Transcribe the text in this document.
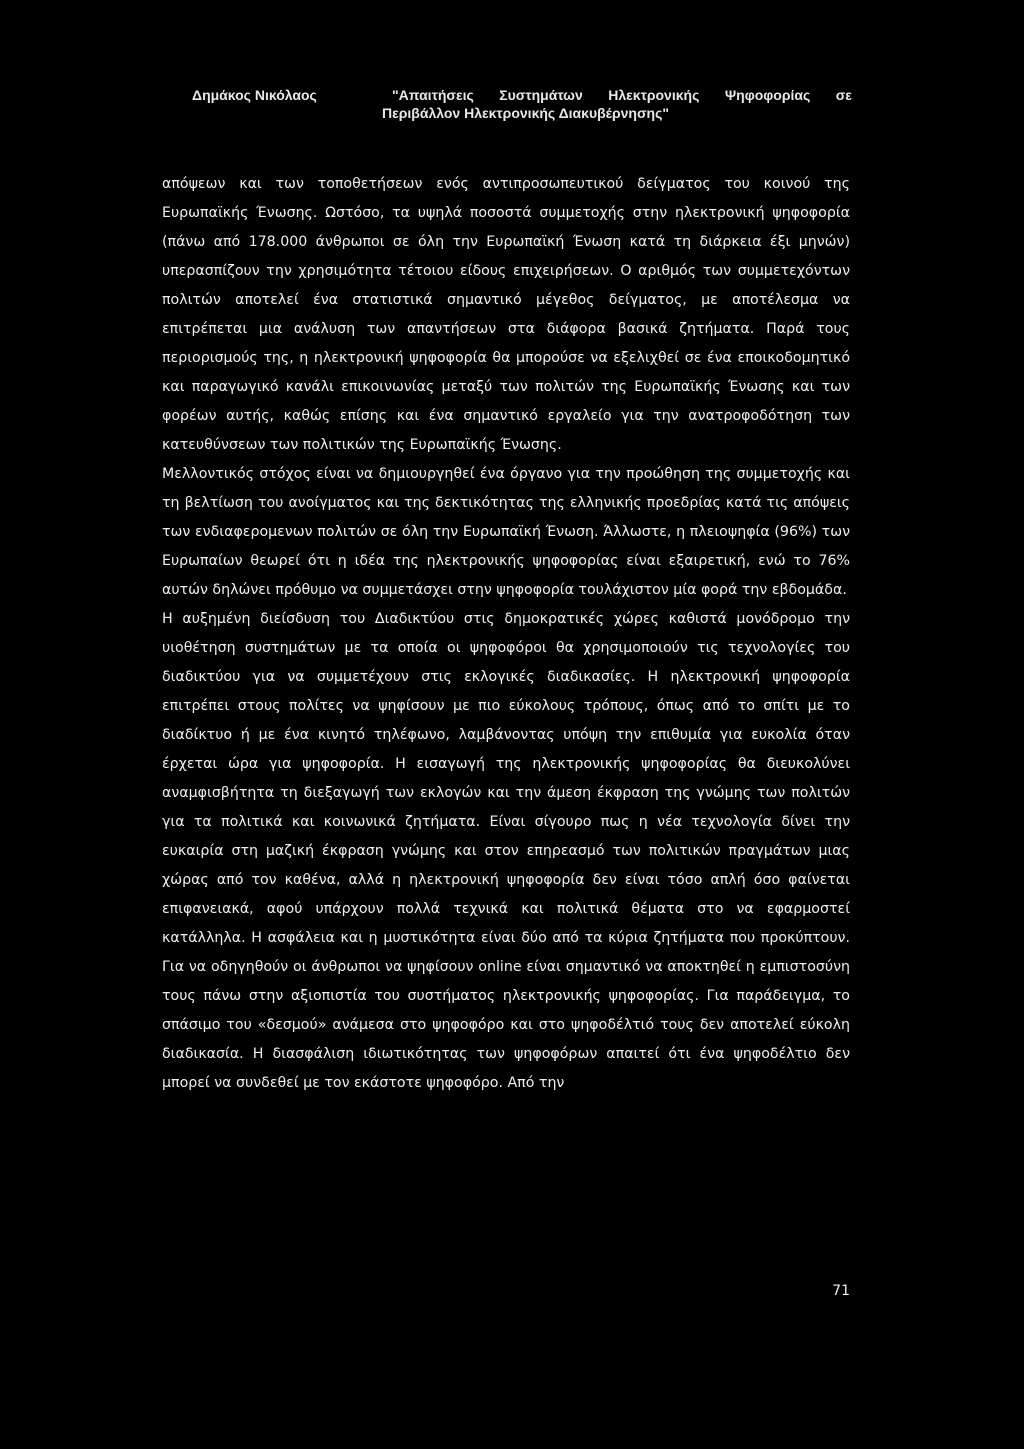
Δημάκος Νικόλαος	"Απαιτήσεις Συστημάτων Ηλεκτρονικής Ψηφοφορίας σε
Περιβάλλον Ηλεκτρονικής Διακυβέρνησης"

απόψεων και των τοποθετήσεων ενός αντιπροσωπευτικού δείγματος του κοινού της Ευρωπαϊκής Ένωσης. Ωστόσο, τα υψηλά ποσοστά συμμετοχής στην ηλεκτρονική ψηφοφορία (πάνω από 178.000 άνθρωποι σε όλη την Ευρωπαϊκή Ένωση κατά τη διάρκεια έξι μηνών) υπερασπίζουν την χρησιμότητα τέτοιου είδους επιχειρήσεων. Ο αριθμός των συμμετεχόντων πολιτών αποτελεί ένα στατιστικά σημαντικό μέγεθος δείγματος, με αποτέλεσμα να επιτρέπεται μια ανάλυση των απαντήσεων στα διάφορα βασικά ζητήματα. Παρά τους περιορισμούς της, η ηλεκτρονική ψηφοφορία θα μπορούσε να εξελιχθεί σε ένα εποικοδομητικό και παραγωγικό κανάλι επικοινωνίας μεταξύ των πολιτών της Ευρωπαϊκής Ένωσης και των φορέων αυτής, καθώς επίσης και ένα σημαντικό εργαλείο για την ανατροφοδότηση των κατευθύνσεων των πολιτικών της Ευρωπαϊκής Ένωσης.

Μελλοντικός στόχος είναι να δημιουργηθεί ένα όργανο για την προώθηση της συμμετοχής και τη βελτίωση του ανοίγματος και της δεκτικότητας της ελληνικής προεδρίας κατά τις απόψεις των ενδιαφερομενων πολιτών σε όλη την Ευρωπαϊκή Ένωση. Άλλωστε, η πλειοψηφία (96%) των Ευρωπαίων θεωρεί ότι η ιδέα της ηλεκτρονικής ψηφοφορίας είναι εξαιρετική, ενώ το 76% αυτών δηλώνει πρόθυμο να συμμετάσχει στην ψηφοφορία τουλάχιστον μία φορά την εβδομάδα.

Η αυξημένη διείσδυση του Διαδικτύου στις δημοκρατικές χώρες καθιστά μονόδρομο την υιοθέτηση συστημάτων με τα οποία οι ψηφοφόροι θα χρησιμοποιούν τις τεχνολογίες του διαδικτύου για να συμμετέχουν στις εκλογικές διαδικασίες. Η ηλεκτρονική ψηφοφορία επιτρέπει στους πολίτες να ψηφίσουν με πιο εύκολους τρόπους, όπως από το σπίτι με το διαδίκτυο ή με ένα κινητό τηλέφωνο, λαμβάνοντας υπόψη την επιθυμία για ευκολία όταν έρχεται ώρα για ψηφοφορία. Η εισαγωγή της ηλεκτρονικής ψηφοφορίας θα διευκολύνει αναμφισβήτητα τη διεξαγωγή των εκλογών και την άμεση έκφραση της γνώμης των πολιτών για τα πολιτικά και κοινωνικά ζητήματα. Είναι σίγουρο πως η νέα τεχνολογία δίνει την ευκαιρία στη μαζική έκφραση γνώμης και στον επηρεασμό των πολιτικών πραγμάτων μιας χώρας από τον καθένα, αλλά η ηλεκτρονική ψηφοφορία δεν είναι τόσο απλή όσο φαίνεται επιφανειακά, αφού υπάρχουν πολλά τεχνικά και πολιτικά θέματα στο να εφαρμοστεί κατάλληλα. Η ασφάλεια και η μυστικότητα είναι δύο από τα κύρια ζητήματα που προκύπτουν. Για να οδηγηθούν οι άνθρωποι να ψηφίσουν online είναι σημαντικό να αποκτηθεί η εμπιστοσύνη τους πάνω στην αξιοπιστία του συστήματος ηλεκτρονικής ψηφοφορίας. Για παράδειγμα, το σπάσιμο του «δεσμού» ανάμεσα στο ψηφοφόρο και στο ψηφοδέλτιό τους δεν αποτελεί εύκολη διαδικασία. Η διασφάλιση ιδιωτικότητας των ψηφοφόρων απαιτεί ότι ένα ψηφοδέλτιο δεν μπορεί να συνδεθεί με τον εκάστοτε ψηφοφόρο. Από την

71
